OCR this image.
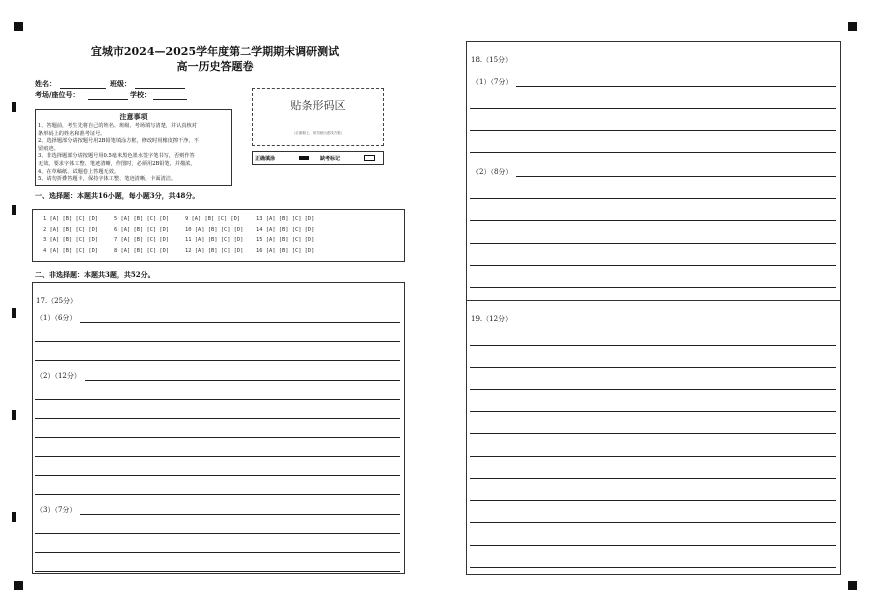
宜城市2024—2025学年度第二学期期末调研测试
高一历史答题卷
姓名：	班级：
考场/座位号：	学校：
注意事项
1、答题前，考生先将自己的姓名、班级、考场填写清楚，并认真核对
条形码上的姓名和准考证号。
2、选择题部分请按题号用2B铅笔填涂方框，修改时用橡皮擦干净，不
留痕迹。
3、非选择题部分请按题号用0.5毫米黑色墨水签字笔书写，否则作答
无效。要求字体工整、笔迹清晰，作图时，必须用2B铅笔，并描浓。
4、在草稿纸、试题卷上答题无效。
5、请勿折叠答题卡，保持字体工整、笔迹清晰，卡面清洁。
贴条形码区
（正面朝上，切勿贴出虚线方框）
正确填涂	缺考标记
一、选择题：本题共16小题，每小题3分，共48分。
1 [A] [B] [C] [D]
2 [A] [B] [C] [D]
3 [A] [B] [C] [D]
4 [A] [B] [C] [D]
5 [A] [B] [C] [D]
6 [A] [B] [C] [D]
7 [A] [B] [C] [D]
8 [A] [B] [C] [D]
9 [A] [B] [C] [D]
10 [A] [B] [C] [D]
11 [A] [B] [C] [D]
12 [A] [B] [C] [D]
13 [A] [B] [C] [D]
14 [A] [B] [C] [D]
15 [A] [B] [C] [D]
16 [A] [B] [C] [D]
二、非选择题：本题共3题，共52分。
17.（25分）
（1）（6分）
（2）（12分）
（3）（7分）
18.（15分）
（1）（7分）
（2）（8分）
19.（12分）
